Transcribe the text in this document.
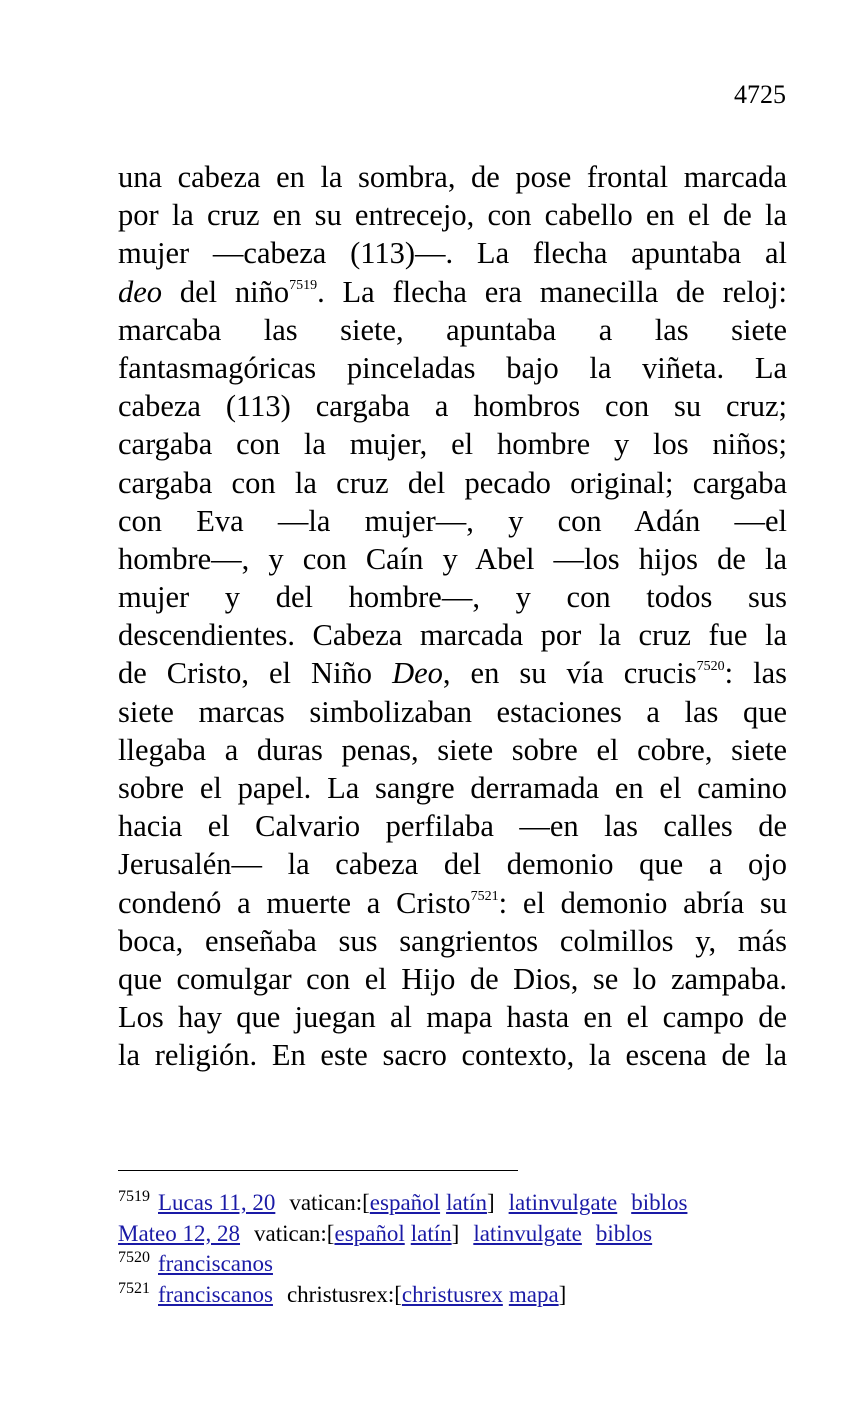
4725
una cabeza en la sombra, de pose frontal marcada
por la cruz en su entrecejo, con cabello en el de la
mujer —cabeza (113)—. La flecha apuntaba al
deo del niño$^{7519}$. La flecha era manecilla de reloj:
marcaba las siete, apuntaba a las siete
fantasmagóricas pinceladas bajo la viñeta. La
cabeza (113) cargaba a hombros con su cruz;
cargaba con la mujer, el hombre y los niños;
cargaba con la cruz del pecado original; cargaba
con Eva —la mujer—, y con Adán —el
hombre—, y con Caín y Abel —los hijos de la
mujer y del hombre—, y con todos sus
descendientes. Cabeza marcada por la cruz fue la
de Cristo, el Niño Deo, en su vía crucis$^{7520}$: las
siete marcas simbolizaban estaciones a las que
llegaba a duras penas, siete sobre el cobre, siete
sobre el papel. La sangre derramada en el camino
hacia el Calvario perfilaba —en las calles de
Jerusalén— la cabeza del demonio que a ojo
condenó a muerte a Cristo$^{7521}$: el demonio abría su
boca, enseñaba sus sangrientos colmillos y, más
que comulgar con el Hijo de Dios, se lo zampaba.
Los hay que juegan al mapa hasta en el campo de
la religión. En este sacro contexto, la escena de la
$^{7519}$ Lucas 11, 20 vatican:[español latín] latinvulgate biblos
Mateo 12, 28 vatican:[español latín] latinvulgate biblos
$^{7520}$ franciscanos
$^{7521}$ franciscanos christusrex:[christusrex mapa]
